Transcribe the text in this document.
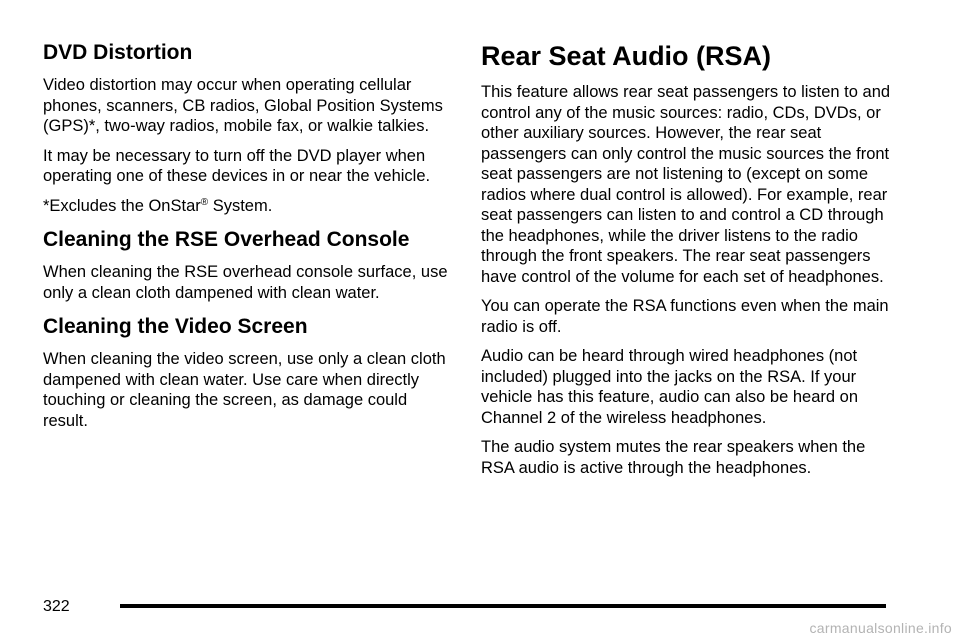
DVD Distortion

Video distortion may occur when operating cellular phones, scanners, CB radios, Global Position Systems (GPS)*, two-way radios, mobile fax, or walkie talkies.

It may be necessary to turn off the DVD player when operating one of these devices in or near the vehicle.

*Excludes the OnStar® System.

Cleaning the RSE Overhead Console

When cleaning the RSE overhead console surface, use only a clean cloth dampened with clean water.

Cleaning the Video Screen

When cleaning the video screen, use only a clean cloth dampened with clean water. Use care when directly touching or cleaning the screen, as damage could result.

Rear Seat Audio (RSA)

This feature allows rear seat passengers to listen to and control any of the music sources: radio, CDs, DVDs, or other auxiliary sources. However, the rear seat passengers can only control the music sources the front seat passengers are not listening to (except on some radios where dual control is allowed). For example, rear seat passengers can listen to and control a CD through the headphones, while the driver listens to the radio through the front speakers. The rear seat passengers have control of the volume for each set of headphones.

You can operate the RSA functions even when the main radio is off.

Audio can be heard through wired headphones (not included) plugged into the jacks on the RSA. If your vehicle has this feature, audio can also be heard on Channel 2 of the wireless headphones.

The audio system mutes the rear speakers when the RSA audio is active through the headphones.

322
carmanualsonline.info
